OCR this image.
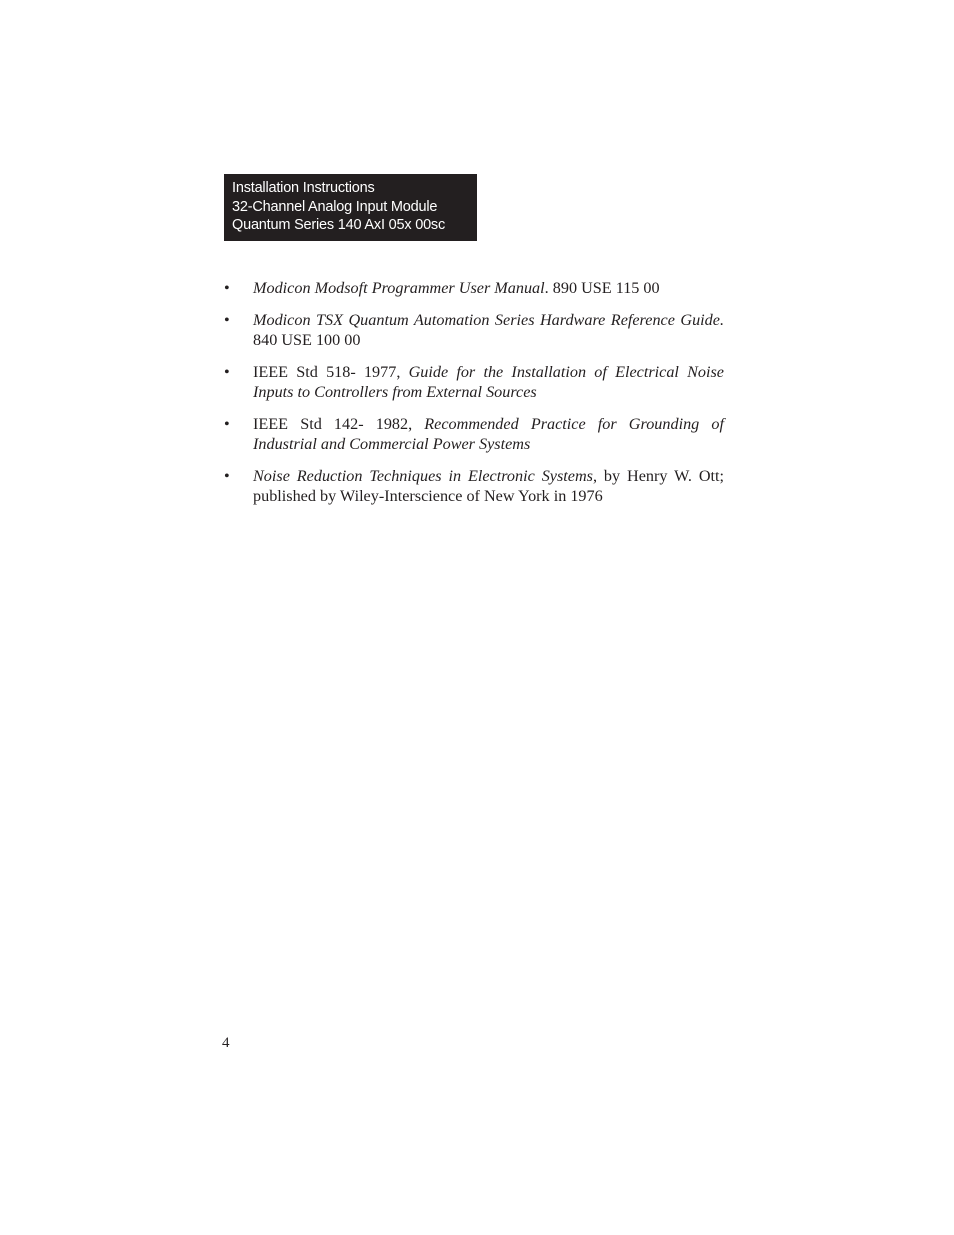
Installation Instructions
32-Channel Analog Input Module
Quantum Series 140 AxI 05x 00sc
• Modicon Modsoft Programmer User Manual. 890 USE 115 00
• Modicon TSX Quantum Automation Series Hardware Reference Guide. 840 USE 100 00
• IEEE Std 518- 1977, Guide for the Installation of Electrical Noise Inputs to Controllers from External Sources
• IEEE Std 142- 1982, Recommended Practice for Grounding of Industrial and Commercial Power Systems
• Noise Reduction Techniques in Electronic Systems, by Henry W. Ott; published by Wiley-Interscience of New York in 1976
4
